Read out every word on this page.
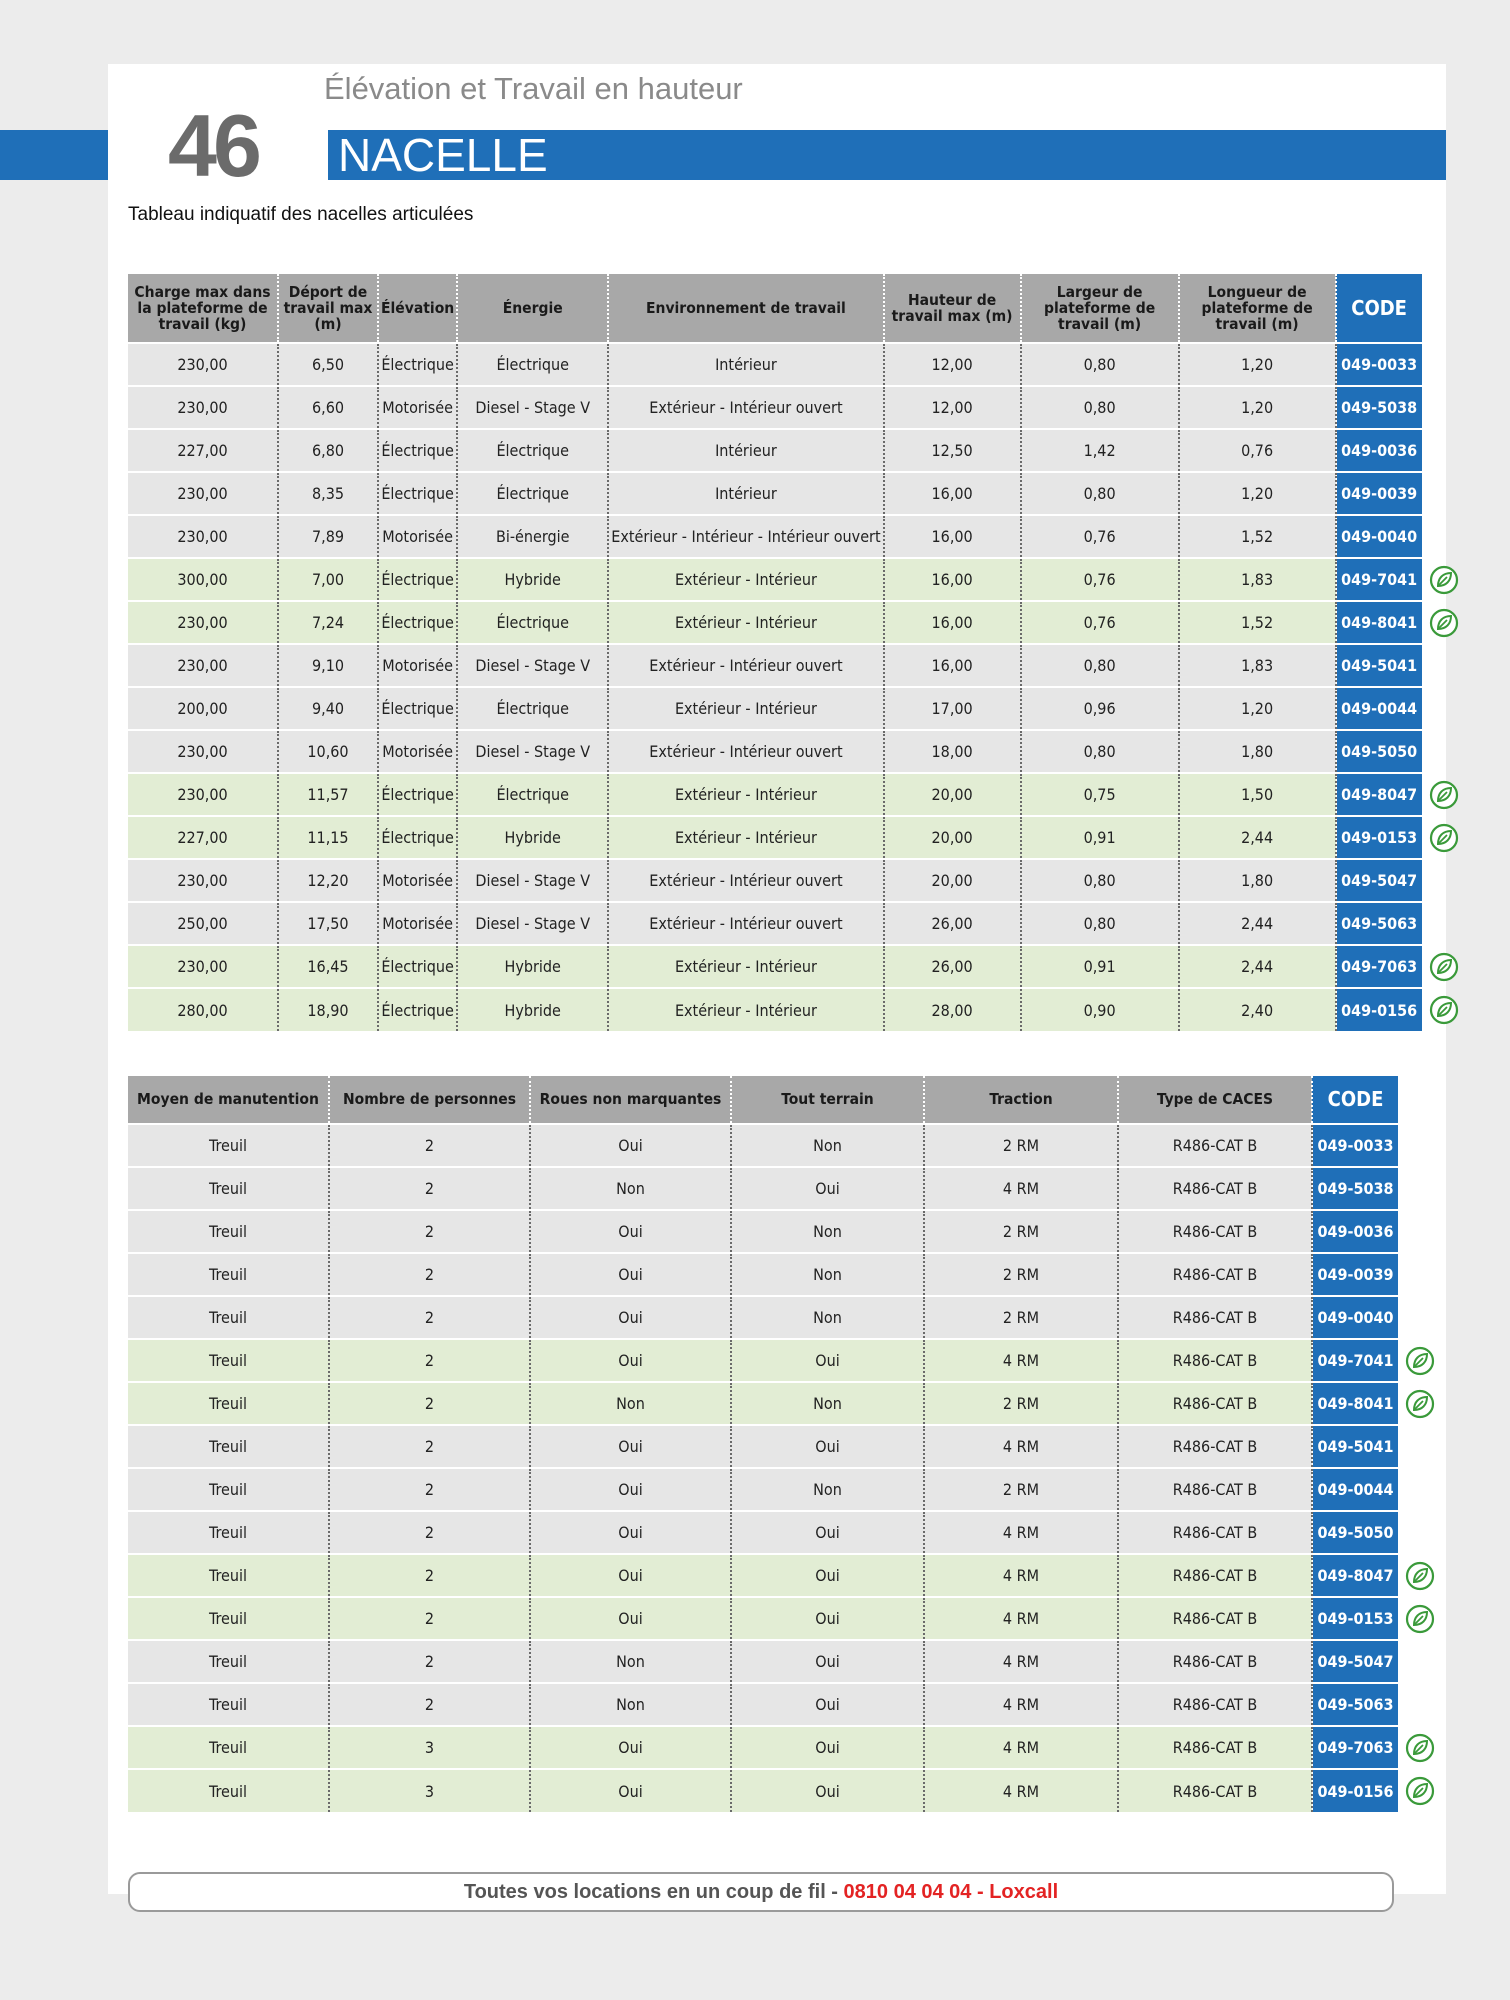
46
Élévation et Travail en hauteur
NACELLE
Tableau indiquatif des nacelles articulées
Charge max dans la plateforme de travail (kg)	Déport de travail max (m)	Élévation	Énergie	Environnement de travail	Hauteur de travail max (m)	Largeur de plateforme de travail (m)	Longueur de plateforme de travail (m)	CODE
230,00	6,50	Électrique	Électrique	Intérieur	12,00	0,80	1,20	049-0033
230,00	6,60	Motorisée	Diesel - Stage V	Extérieur - Intérieur ouvert	12,00	0,80	1,20	049-5038
227,00	6,80	Électrique	Électrique	Intérieur	12,50	1,42	0,76	049-0036
230,00	8,35	Électrique	Électrique	Intérieur	16,00	0,80	1,20	049-0039
230,00	7,89	Motorisée	Bi-énergie	Extérieur - Intérieur - Intérieur ouvert	16,00	0,76	1,52	049-0040
300,00	7,00	Électrique	Hybride	Extérieur - Intérieur	16,00	0,76	1,83	049-7041

230,00	7,24	Électrique	Électrique	Extérieur - Intérieur	16,00	0,76	1,52	049-8041

230,00	9,10	Motorisée	Diesel - Stage V	Extérieur - Intérieur ouvert	16,00	0,80	1,83	049-5041
200,00	9,40	Électrique	Électrique	Extérieur - Intérieur	17,00	0,96	1,20	049-0044
230,00	10,60	Motorisée	Diesel - Stage V	Extérieur - Intérieur ouvert	18,00	0,80	1,80	049-5050
230,00	11,57	Électrique	Électrique	Extérieur - Intérieur	20,00	0,75	1,50	049-8047

227,00	11,15	Électrique	Hybride	Extérieur - Intérieur	20,00	0,91	2,44	049-0153

230,00	12,20	Motorisée	Diesel - Stage V	Extérieur - Intérieur ouvert	20,00	0,80	1,80	049-5047
250,00	17,50	Motorisée	Diesel - Stage V	Extérieur - Intérieur ouvert	26,00	0,80	2,44	049-5063
230,00	16,45	Électrique	Hybride	Extérieur - Intérieur	26,00	0,91	2,44	049-7063

280,00	18,90	Électrique	Hybride	Extérieur - Intérieur	28,00	0,90	2,40	049-0156
Moyen de manutention	Nombre de personnes	Roues non marquantes	Tout terrain	Traction	Type de CACES	CODE
Treuil	2	Oui	Non	2 RM	R486-CAT B	049-0033
Treuil	2	Non	Oui	4 RM	R486-CAT B	049-5038
Treuil	2	Oui	Non	2 RM	R486-CAT B	049-0036
Treuil	2	Oui	Non	2 RM	R486-CAT B	049-0039
Treuil	2	Oui	Non	2 RM	R486-CAT B	049-0040
Treuil	2	Oui	Oui	4 RM	R486-CAT B	049-7041

Treuil	2	Non	Non	2 RM	R486-CAT B	049-8041

Treuil	2	Oui	Oui	4 RM	R486-CAT B	049-5041
Treuil	2	Oui	Non	2 RM	R486-CAT B	049-0044
Treuil	2	Oui	Oui	4 RM	R486-CAT B	049-5050
Treuil	2	Oui	Oui	4 RM	R486-CAT B	049-8047

Treuil	2	Oui	Oui	4 RM	R486-CAT B	049-0153

Treuil	2	Non	Oui	4 RM	R486-CAT B	049-5047
Treuil	2	Non	Oui	4 RM	R486-CAT B	049-5063
Treuil	3	Oui	Oui	4 RM	R486-CAT B	049-7063

Treuil	3	Oui	Oui	4 RM	R486-CAT B	049-0156
Toutes vos locations en un coup de fil - 0810 04 04 04 - Loxcall
